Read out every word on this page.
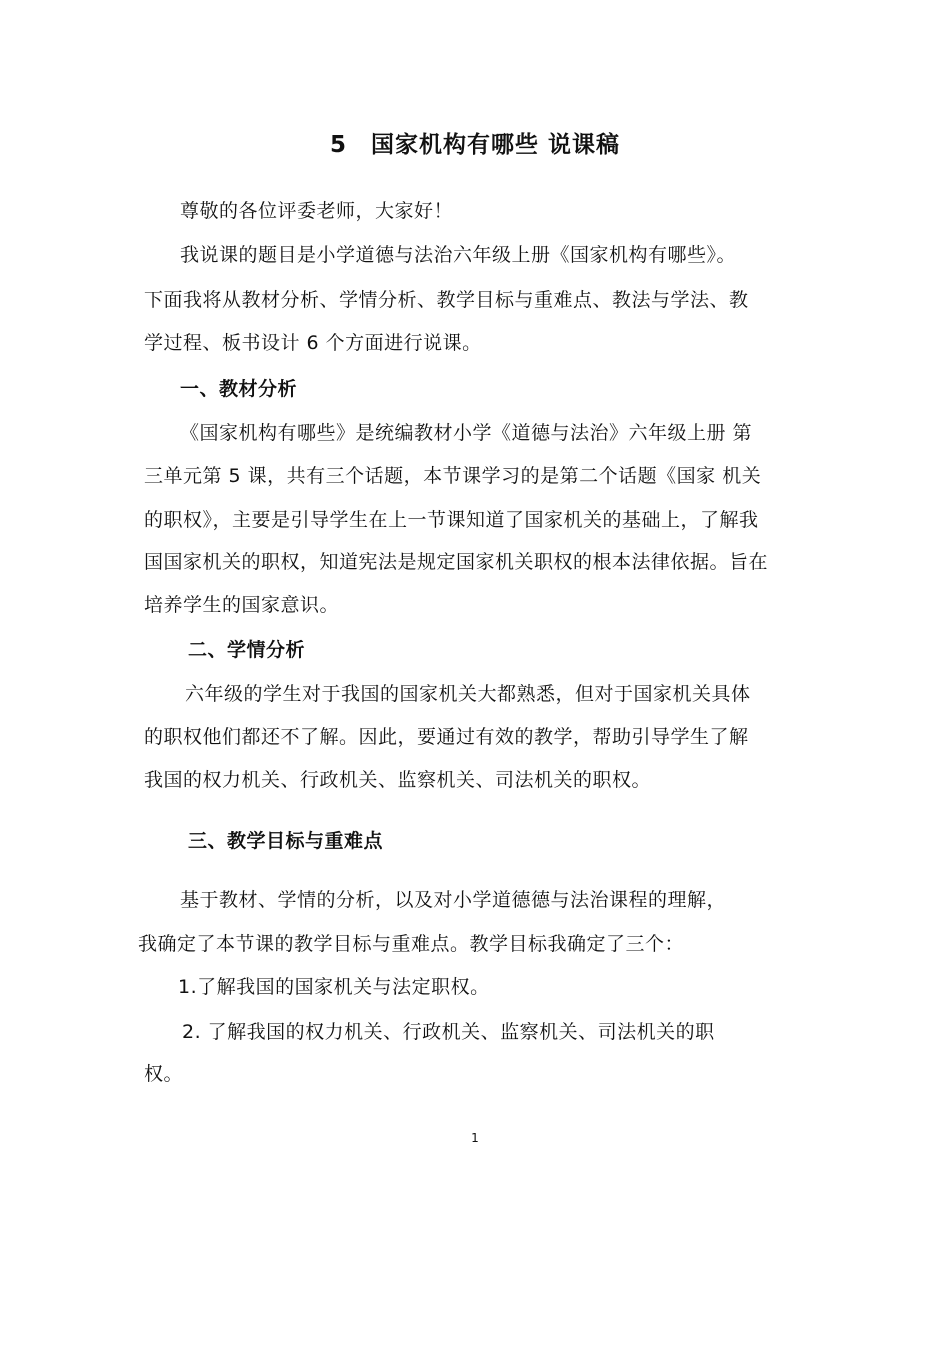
5　国家机构有哪些 说课稿
尊敬的各位评委老师，大家好！
我说课的题目是小学道德与法治六年级上册《国家机构有哪些》。
下面我将从教材分析、学情分析、教学目标与重难点、教法与学法、教
学过程、板书设计 6 个方面进行说课。
一、教材分析
《国家机构有哪些》是统编教材小学《道德与法治》六年级上册 第
三单元第 5 课，共有三个话题，本节课学习的是第二个话题《国家 机关
的职权》，主要是引导学生在上一节课知道了国家机关的基础上，了解我
国国家机关的职权，知道宪法是规定国家机关职权的根本法律依据。旨在
培养学生的国家意识。
二、学情分析
六年级的学生对于我国的国家机关大都熟悉，但对于国家机关具体
的职权他们都还不了解。因此，要通过有效的教学，帮助引导学生了解
我国的权力机关、行政机关、监察机关、司法机关的职权。
三、教学目标与重难点
基于教材、学情的分析，以及对小学道德德与法治课程的理解，
我确定了本节课的教学目标与重难点。教学目标我确定了三个：
1.了解我国的国家机关与法定职权。
2. 了解我国的权力机关、行政机关、监察机关、司法机关的职
权。
1
